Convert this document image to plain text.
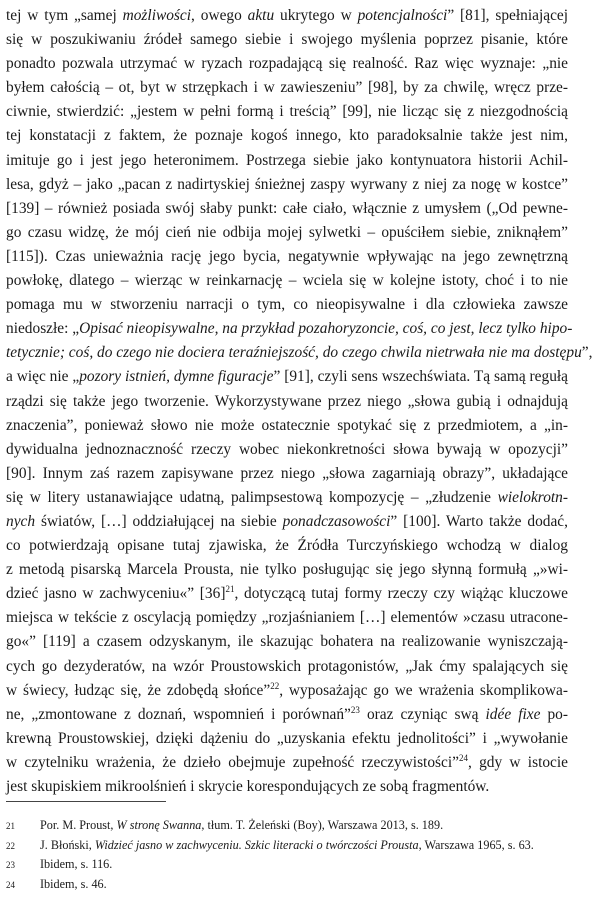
tej w tym „samej możliwości, owego aktu ukrytego w potencjalności” [81], spełniającej
się w poszukiwaniu źródeł samego siebie i swojego myślenia poprzez pisanie, które
ponadto pozwala utrzymać w ryzach rozpadającą się realność. Raz więc wyznaje: „nie
byłem całością – ot, byt w strzępkach i w zawieszeniu” [98], by za chwilę, wręcz prze-
ciwnie, stwierdzić: „jestem w pełni formą i treścią” [99], nie licząc się z niezgodnością
tej konstatacji z faktem, że poznaje kogoś innego, kto paradoksalnie także jest nim,
imituje go i jest jego heteronimem. Postrzega siebie jako kontynuatora historii Achil-
lesa, gdyż – jako „pacan z nadirtyskiej śnieżnej zaspy wyrwany z niej za nogę w kostce”
[139] – również posiada swój słaby punkt: całe ciało, włącznie z umysłem („Od pewne-
go czasu widzę, że mój cień nie odbija mojej sylwetki – opuściłem siebie, zniknąłem”
[115]). Czas unieważnia rację jego bycia, negatywnie wpływając na jego zewnętrzną
powłokę, dlatego – wierząc w reinkarnację – wciela się w kolejne istoty, choć i to nie
pomaga mu w stworzeniu narracji o tym, co nieopisywalne i dla człowieka zawsze
niedoszłe: „Opisać nieopisywalne, na przykład pozahoryzoncie, coś, co jest, lecz tylko hipo-
tetycznie; coś, do czego nie dociera teraźniejszość, do czego chwila nietrwała nie ma dostępu”,
a więc nie „pozory istnień, dymne figuracje” [91], czyli sens wszechświata. Tą samą regułą
rządzi się także jego tworzenie. Wykorzystywane przez niego „słowa gubią i odnajdują
znaczenia”, ponieważ słowo nie może ostatecznie spotykać się z przedmiotem, a „in-
dywidualna jednoznaczność rzeczy wobec niekonkretności słowa bywają w opozycji”
[90]. Innym zaś razem zapisywane przez niego „słowa zagarniają obrazy”, układające
się w litery ustanawiające udatną, palimpsestową kompozycję – „złudzenie wielokrotn-
nych światów, […] oddziałującej na siebie ponadczasowości” [100]. Warto także dodać,
co potwierdzają opisane tutaj zjawiska, że Źródła Turczyńskiego wchodzą w dialog
z metodą pisarską Marcela Prousta, nie tylko posługując się jego słynną formułą „»wi-
dzieć jasno w zachwyceniu«” $[36]^{21}$, dotyczącą tutaj formy rzeczy czy wiążąc kluczowe
miejsca w tekście z oscylacją pomiędzy „rozjaśnianiem […] elementów »czasu utracone-
go«” [119] a czasem odzyskanym, ile skazując bohatera na realizowanie wyniszczają-
cych go dezyderatów, na wzór Proustowskich protagonistów, „Jak ćmy spalających się
w świecy, łudząc się, że zdobędą słońce”$^{22}$, wyposażając go we wrażenia skomplikowa-
ne, „zmontowane z doznań, wspomnień i porównań”$^{23}$ oraz czyniąc swą idée fixe po-
krewną Proustowskiej, dzięki dążeniu do „uzyskania efektu jednolitości” i „wywołanie
w czytelniku wrażenia, że dzieło obejmuje zupełność rzeczywistości”$^{24}$, gdy w istocie
jest skupiskiem mikroolśnień i skrycie korespondujących ze sobą fragmentów.
21	Por. M. Proust, W stronę Swanna, tłum. T. Żeleński (Boy), Warszawa 2013, s. 189.
22	J. Błoński, Widzieć jasno w zachwyceniu. Szkic literacki o twórczości Prousta, Warszawa 1965, s. 63.
23	Ibidem, s. 116.
24	Ibidem, s. 46.
